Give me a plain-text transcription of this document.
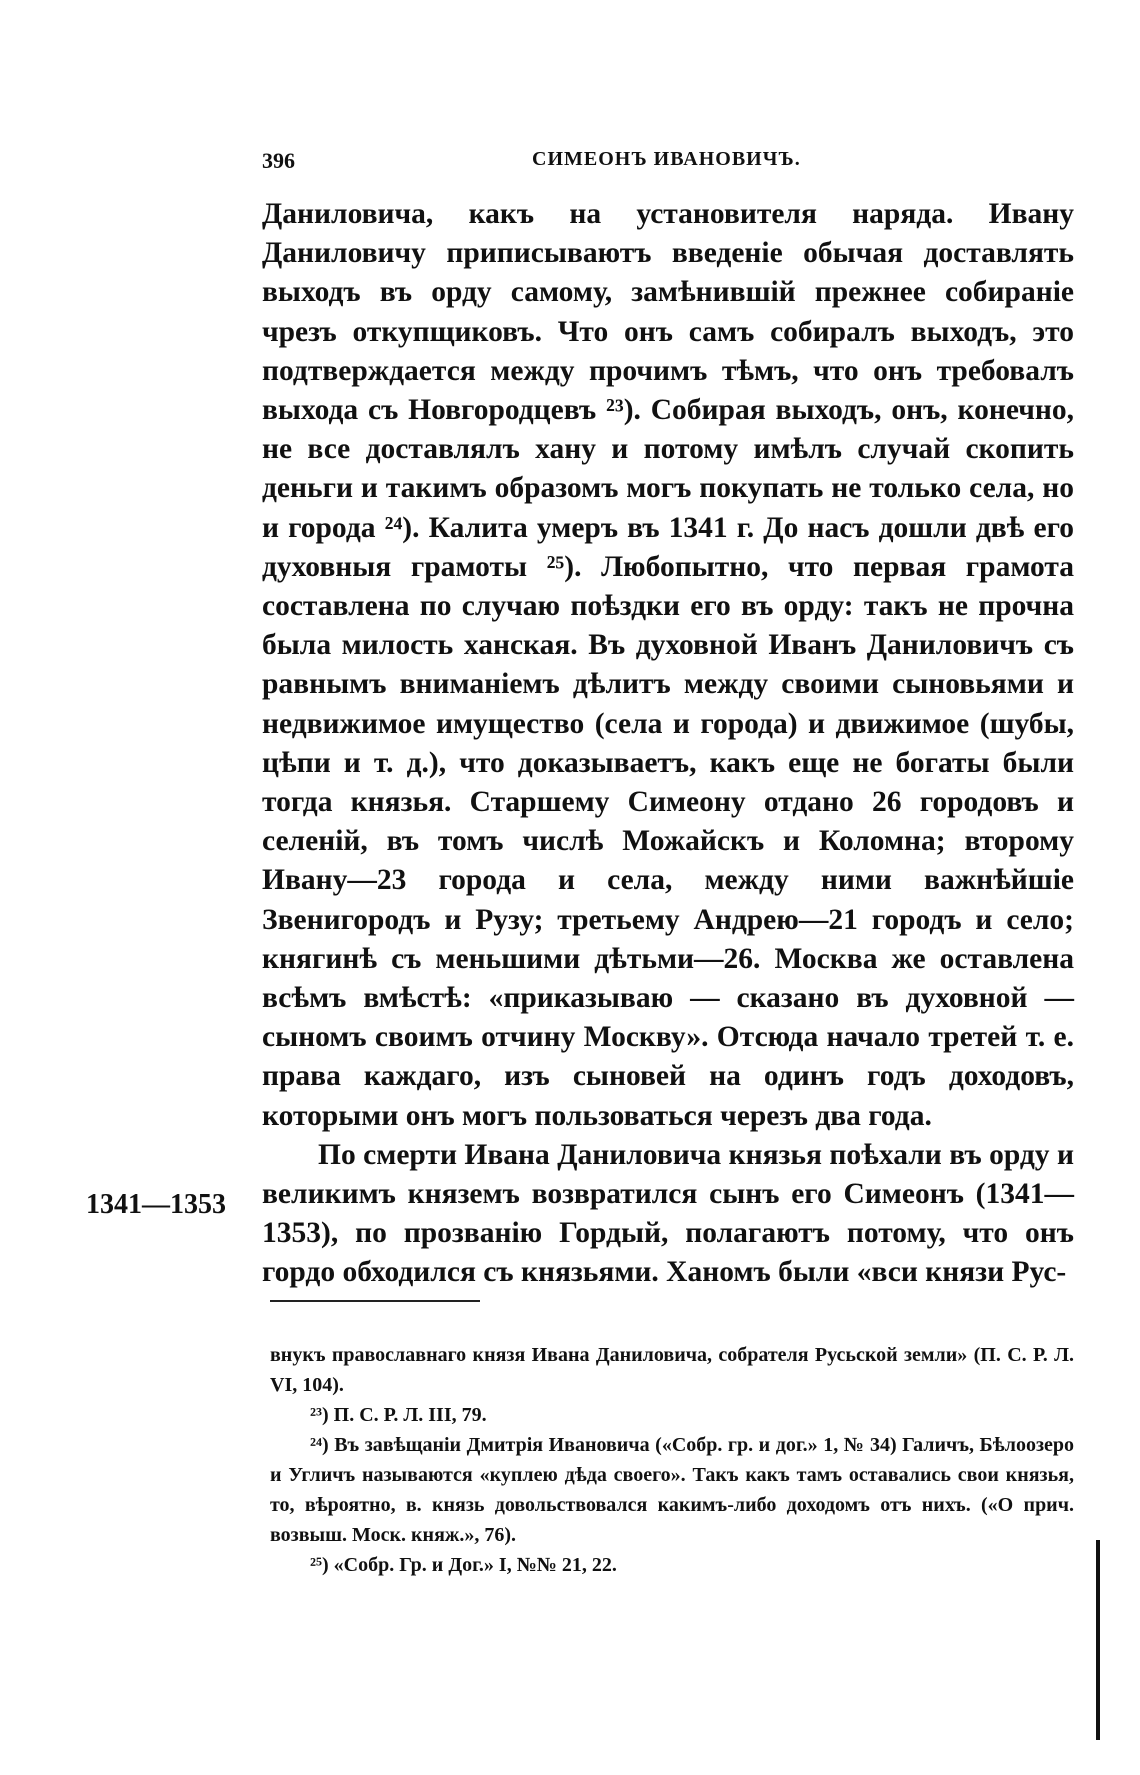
396	СИМЕОНЪ ИВАНОВИЧЪ.

Даниловича, какъ на установителя наряда. Ивану Даниловичу приписываютъ введеніе обычая доставлять выходъ въ орду самому, замѣнившій прежнее собираніе чрезъ откупщиковъ. Что онъ самъ собиралъ выходъ, это подтверждается между прочимъ тѣмъ, что онъ требовалъ выхода съ Новгородцевъ ²³). Собирая выходъ, онъ, конечно, не все доставлялъ хану и потому имѣлъ случай скопить деньги и такимъ образомъ могъ покупать не только села, но и города ²⁴). Калита умеръ въ 1341 г. До насъ дошли двѣ его духовныя грамоты ²⁵). Любопытно, что первая грамота составлена по случаю поѣздки его въ орду: такъ не прочна была милость ханская. Въ духовной Иванъ Даниловичъ съ равнымъ вниманіемъ дѣлитъ между своими сыновьями и недвижимое имущество (села и города) и движимое (шубы, цѣпи и т. д.), что доказываетъ, какъ еще не богаты были тогда князья. Старшему Симеону отдано 26 городовъ и селеній, въ томъ числѣ Можайскъ и Коломна; второму Ивану—23 города и села, между ними важнѣйшіе Звенигородъ и Рузу; третьему Андрею—21 городъ и село; княгинѣ съ меньшими дѣтьми—26. Москва же оставлена всѣмъ вмѣстѣ: «приказываю — сказано въ духовной — сыномъ своимъ отчину Москву». Отсюда начало третей т. е. права каждаго, изъ сыновей на одинъ годъ доходовъ, которыми онъ могъ пользоваться черезъ два года.

По смерти Ивана Даниловича князья поѣхали въ орду и великимъ княземъ возвратился сынъ его Симеонъ (1341—1353), по прозванію Гордый, полагаютъ потому, что онъ гордо обходился съ князьями. Ханомъ были «вси князи Рус-

1341—1353

внукъ православнаго князя Ивана Даниловича, собрателя Русьской земли» (П. С. Р. Л. VI, 104).

²³) П. С. Р. Л. III, 79.

²⁴) Въ завѣщаніи Дмитрія Ивановича («Собр. гр. и дог.» 1, № 34) Галичъ, Бѣлоозеро и Угличъ называются «куплею дѣда своего». Такъ какъ тамъ оставались свои князья, то, вѣроятно, в. князь довольствовался какимъ-либо доходомъ отъ нихъ. («О прич. возвыш. Моск. княж.», 76).

²⁵) «Собр. Гр. и Дог.» I, №№ 21, 22.
